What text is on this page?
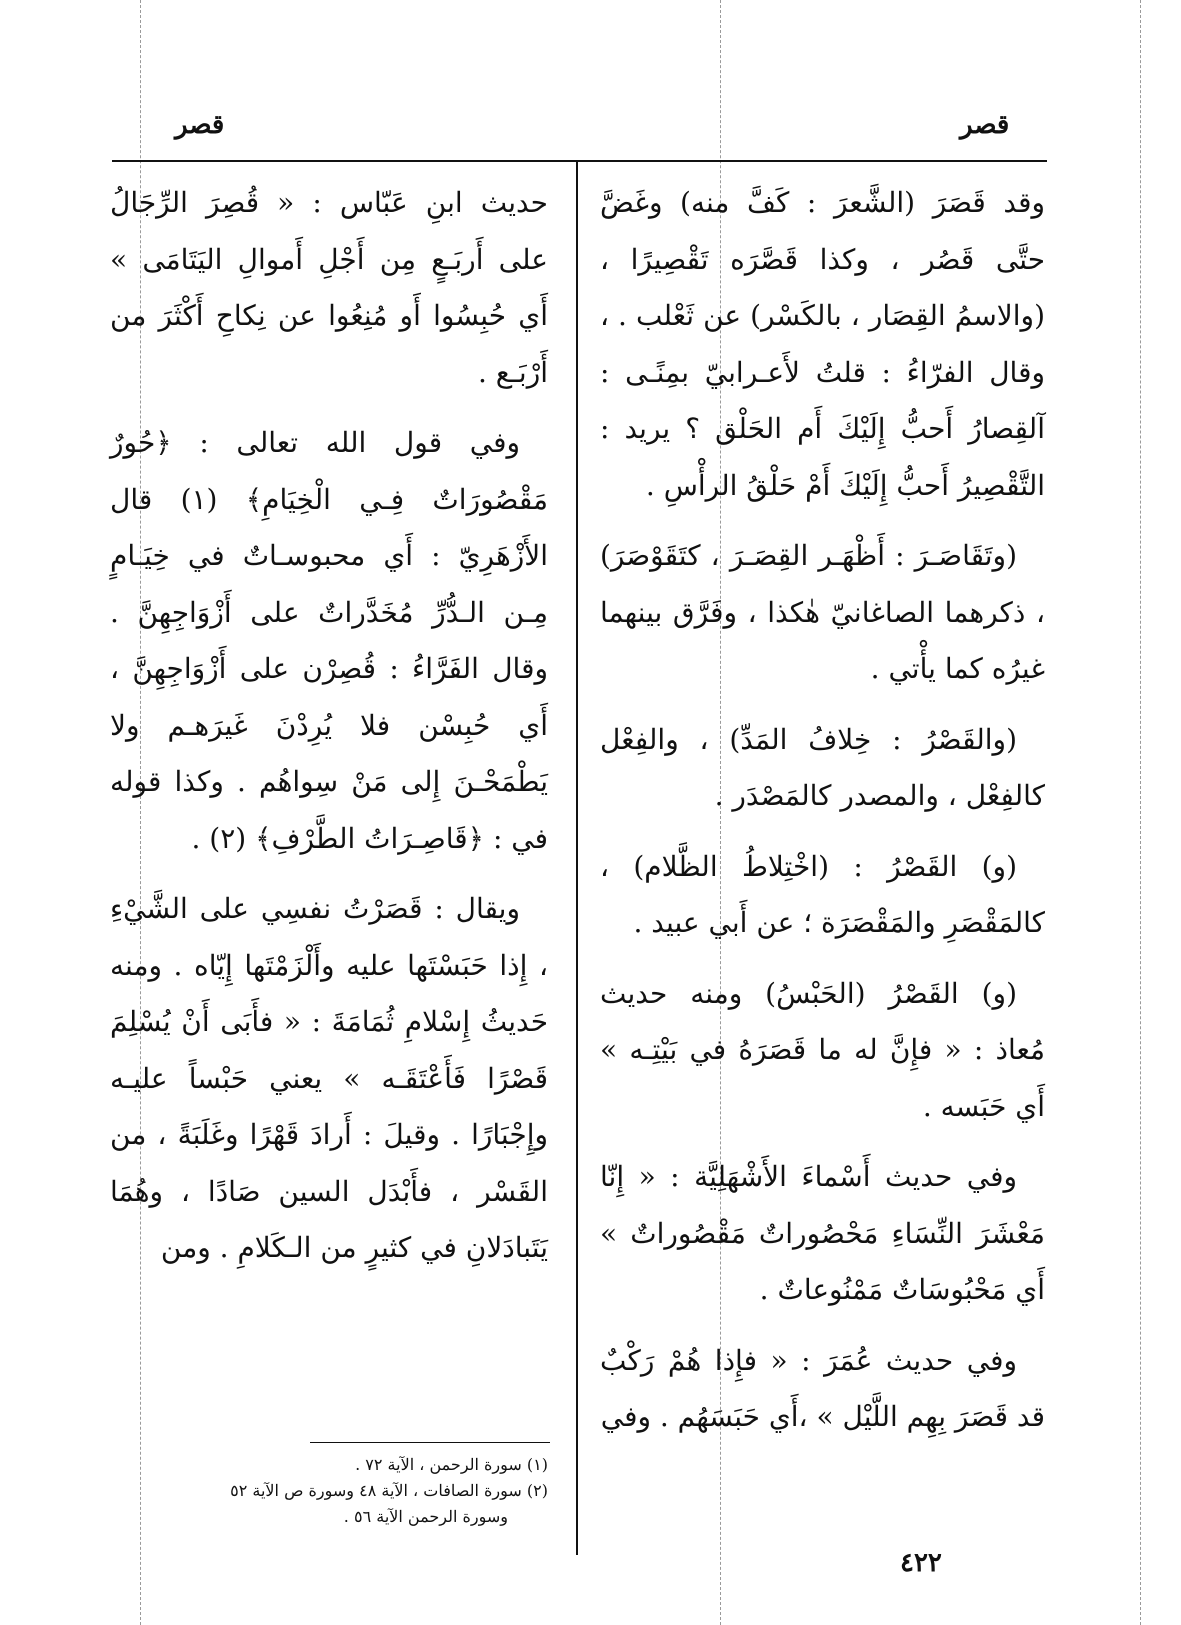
قصر	قصر

وقد قَصَرَ (الشَّعرَ : كَفَّ منه) وغَضَّ حتَّى قَصُر ، وكذا قَصَّرَه تَقْصِيرًا ، (والاسمُ القِصَار ، بالكَسْر) عن ثَعْلب . ، وقال الفرّاءُ : قلتُ لأَعـرابيّ بمِنًـى : آلقِصارُ أَحبُّ إِلَيْكَ أَم الحَلْق ؟ يريد : التَّقْصِيرُ أَحبُّ إِلَيْكَ أَمْ حَلْقُ الرأْسِ .

(وتَقَاصَـرَ : أَظْهَـر القِصَـرَ ، كتَقَوْصَرَ) ، ذكرهما الصاغانيّ هٰكذا ، وفَرَّق بينهما غيرُه كما يأْتي .

(والقَصْرُ : خِلافُ المَدِّ) ، والفِعْل كالفِعْل ، والمصدر كالمَصْدَر .

(و) القَصْرُ : (اخْتِلاطُ الظَّلام) ، كالمَقْصَرِ والمَقْصَرَة ؛ عن أَبي عبيد .

(و) القَصْرُ (الحَبْسُ) ومنه حديث مُعاذ : « فإِنَّ له ما قَصَرَهُ في بَيْتِـه » أَي حَبَسه .

وفي حديث أَسْماءَ الأَشْهَلِيَّة : « إِنّا مَعْشَرَ النِّسَاءِ مَحْصُوراتٌ مَقْصُوراتٌ » أَي مَحْبُوسَاتٌ مَمْنُوعاتٌ .

وفي حديث عُمَرَ : « فإِذا هُمْ رَكْبٌ قد قَصَرَ بِهِم اللَّيْل » ،أَي حَبَسَهُم . وفي

حديث ابنِ عَبّاس : « قُصِرَ الرِّجَالُ على أَربَـعٍ مِن أَجْلِ أَموالِ اليَتَامَى » أَي حُبِسُوا أَو مُنِعُوا عن نِكاحِ أَكْثَرَ من أَرْبَـع .

وفي قول الله تعالى : ﴿حُورٌ مَقْصُورَاتٌ فِـي الْخِيَامِ﴾ (١) قال الأَزْهَرِيّ : أَي محبوسـاتٌ في خِيَـامٍ مِـن الـدُّرِّ مُخَدَّراتٌ على أَزْوَاجِهِنَّ . وقال الفَرَّاءُ : قُصِرْن على أَزْوَاجِهِنَّ ، أَي حُبِسْن فلا يُرِدْنَ غَيرَهـم ولا يَطْمَحْـنَ إِلى مَنْ سِواهُم . وكذا قوله في : ﴿قَاصِـرَاتُ الطَّرْفِ﴾ (٢) .

ويقال : قَصَرْتُ نفسِي على الشَّيْءِ ، إِذا حَبَسْتَها عليه وأَلْزَمْتَها إِيّاه . ومنه حَديثُ إِسْلامِ ثُمَامَةَ : « فأَبَى أَنْ يُسْلِمَ قَصْرًا فَأَعْتَقَـه » يعني حَبْساً عليـه وإِجْبَارًا . وقيلَ : أَرادَ قَهْرًا وغَلَبَةً ، من القَسْر ، فأَبْدَل السين صَادًا ، وهُمَا يَتَبادَلانِ في كثيرٍ من الـكَلامِ . ومن

(١) سورة الرحمن ، الآية ٧٢ .

(٢) سورة الصافات ، الآية ٤٨ وسورة ص الآية ٥٢

وسورة الرحمن الآية ٥٦ .

٤٢٢
